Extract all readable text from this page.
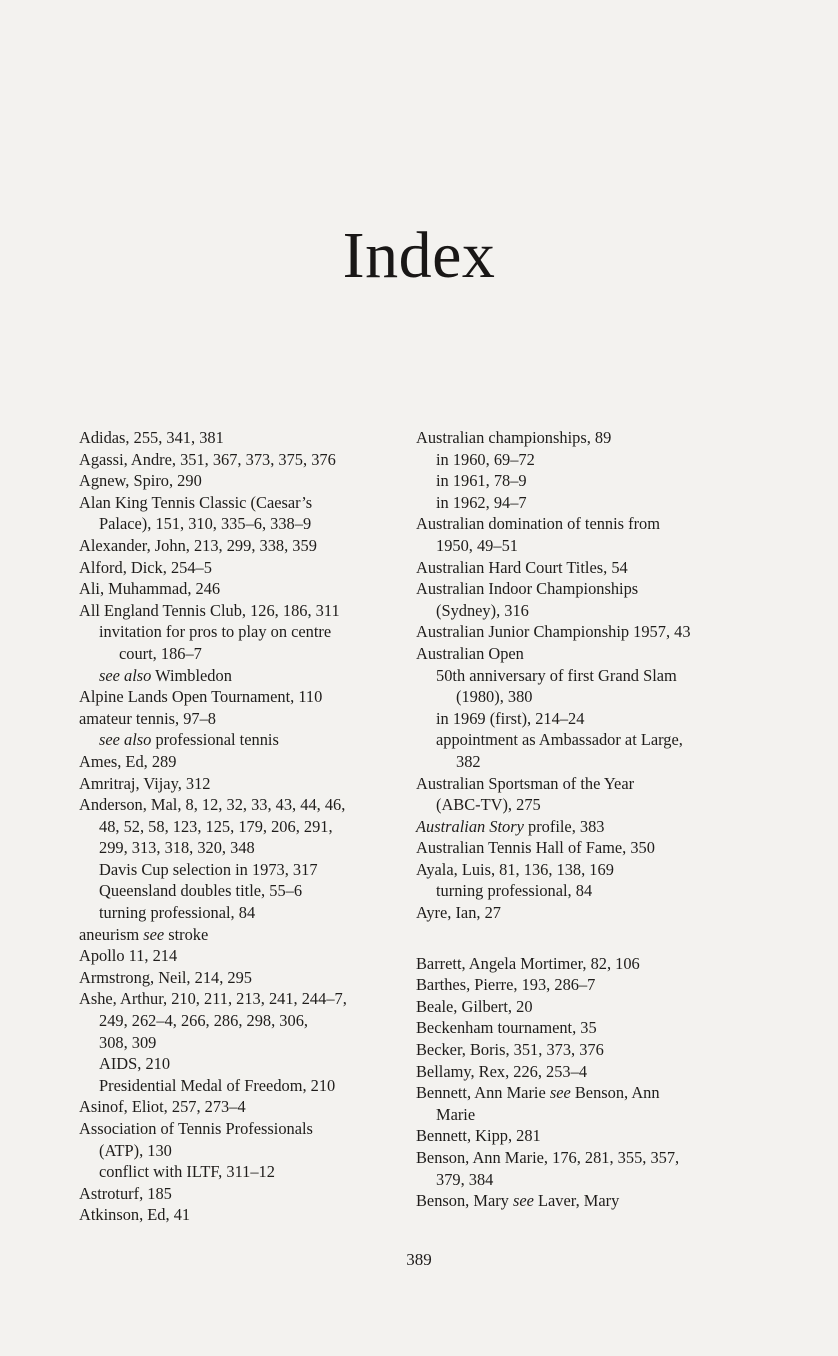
Index
Adidas, 255, 341, 381
Agassi, Andre, 351, 367, 373, 375, 376
Agnew, Spiro, 290
Alan King Tennis Classic (Caesar’s
Palace), 151, 310, 335–6, 338–9
Alexander, John, 213, 299, 338, 359
Alford, Dick, 254–5
Ali, Muhammad, 246
All England Tennis Club, 126, 186, 311
invitation for pros to play on centre
court, 186–7
see also Wimbledon
Alpine Lands Open Tournament, 110
amateur tennis, 97–8
see also professional tennis
Ames, Ed, 289
Amritraj, Vijay, 312
Anderson, Mal, 8, 12, 32, 33, 43, 44, 46,
48, 52, 58, 123, 125, 179, 206, 291,
299, 313, 318, 320, 348
Davis Cup selection in 1973, 317
Queensland doubles title, 55–6
turning professional, 84
aneurism see stroke
Apollo 11, 214
Armstrong, Neil, 214, 295
Ashe, Arthur, 210, 211, 213, 241, 244–7,
249, 262–4, 266, 286, 298, 306,
308, 309
AIDS, 210
Presidential Medal of Freedom, 210
Asinof, Eliot, 257, 273–4
Association of Tennis Professionals
(ATP), 130
conflict with ILTF, 311–12
Astroturf, 185
Atkinson, Ed, 41
Australian championships, 89
in 1960, 69–72
in 1961, 78–9
in 1962, 94–7
Australian domination of tennis from
1950, 49–51
Australian Hard Court Titles, 54
Australian Indoor Championships
(Sydney), 316
Australian Junior Championship 1957, 43
Australian Open
50th anniversary of first Grand Slam
(1980), 380
in 1969 (first), 214–24
appointment as Ambassador at Large,
382
Australian Sportsman of the Year
(ABC-TV), 275
Australian Story profile, 383
Australian Tennis Hall of Fame, 350
Ayala, Luis, 81, 136, 138, 169
turning professional, 84
Ayre, Ian, 27
Barrett, Angela Mortimer, 82, 106
Barthes, Pierre, 193, 286–7
Beale, Gilbert, 20
Beckenham tournament, 35
Becker, Boris, 351, 373, 376
Bellamy, Rex, 226, 253–4
Bennett, Ann Marie see Benson, Ann
Marie
Bennett, Kipp, 281
Benson, Ann Marie, 176, 281, 355, 357,
379, 384
Benson, Mary see Laver, Mary
389
